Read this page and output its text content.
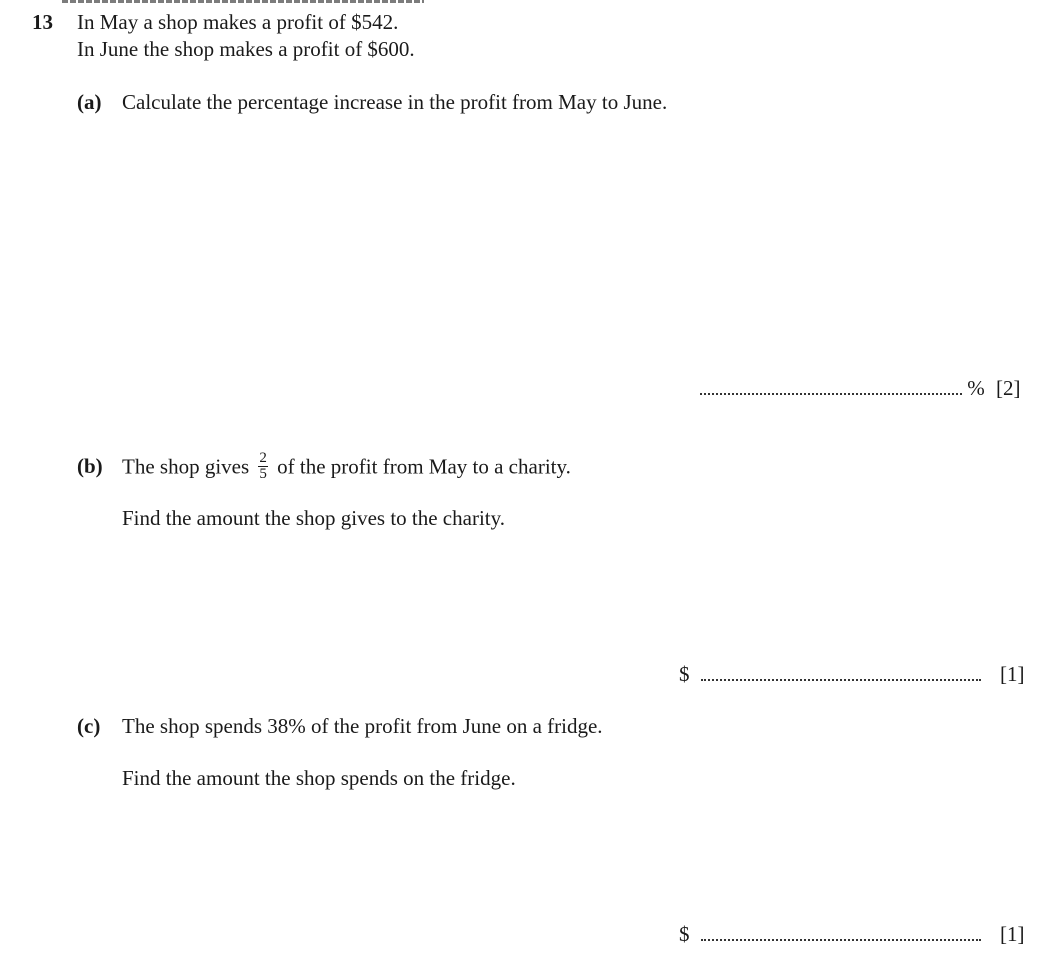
13 In May a shop makes a profit of $542.
In June the shop makes a profit of $600.
(a) Calculate the percentage increase in the profit from May to June.
% [2]
(b) The shop gives $\frac{2}{5}$ of the profit from May to a charity.
Find the amount the shop gives to the charity.
$	[1]
(c) The shop spends 38% of the profit from June on a fridge.
Find the amount the shop spends on the fridge.
$	[1]
